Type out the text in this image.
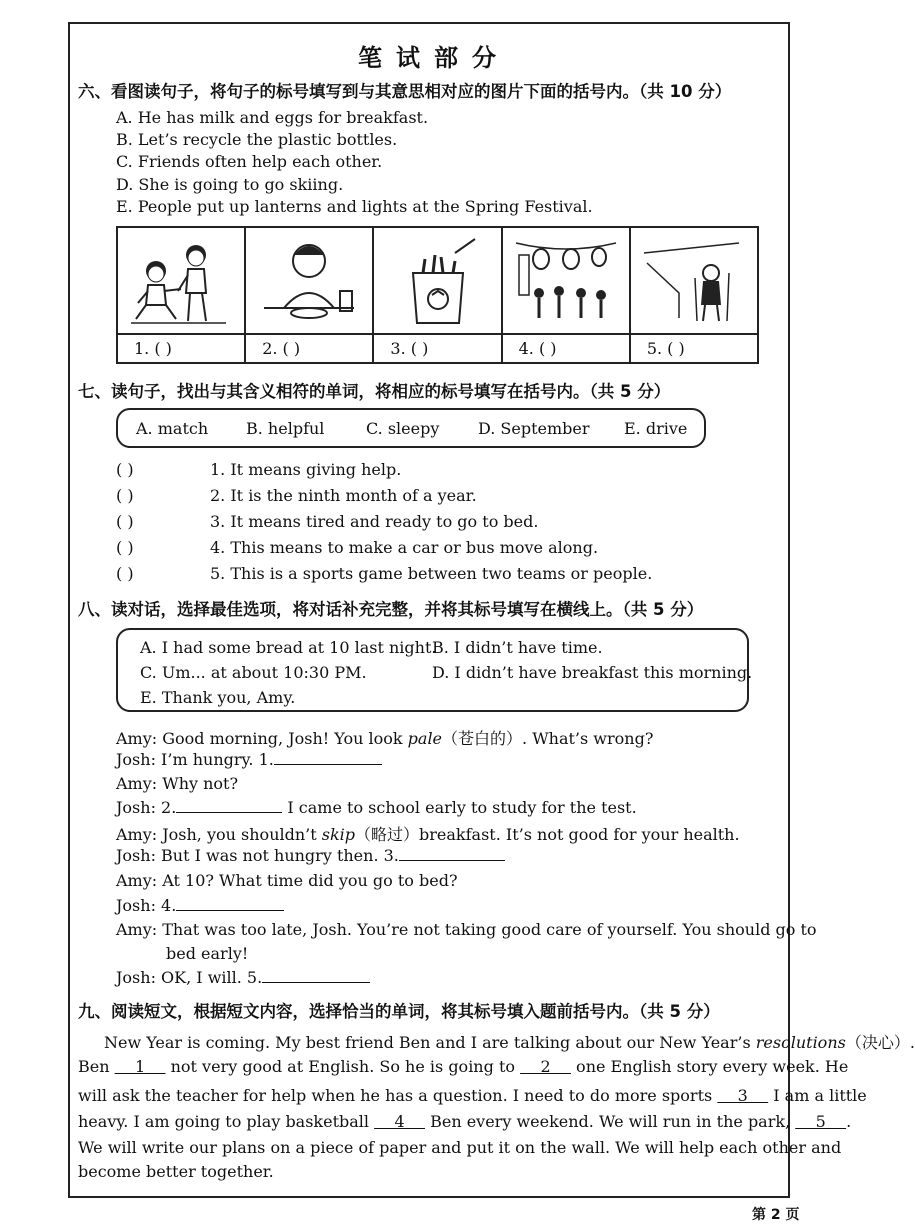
笔试部分
六、看图读句子，将句子的标号填写到与其意思相对应的图片下面的括号内。（共 10 分）
A. He has milk and eggs for breakfast.
B. Let’s recycle the plastic bottles.
C. Friends often help each other.
D. She is going to go skiing.
E. People put up lanterns and lights at the Spring Festival.
1. ( )	2. ( )	3. ( )	4. ( )	5. ( )
七、读句子，找出与其含义相符的单词，将相应的标号填写在括号内。（共 5 分）
A. match B. helpful	C. sleepy D. September E. drive
( )	1. It means giving help.
( )	2. It is the ninth month of a year.
( )	3. It means tired and ready to go to bed.
( )	4. This means to make a car or bus move along.
( )	5. This is a sports game between two teams or people.
八、读对话，选择最佳选项，将对话补充完整，并将其标号填写在横线上。（共 5 分）
A. I had some bread at 10 last night.
B. I didn’t have time.
C. Um... at about 10:30 PM.	D. I didn’t have breakfast this morning.
E. Thank you, Amy.
Amy: Good morning, Josh! You look pale（苍白的）. What’s wrong?
Josh: I’m hungry. 1.
Amy: Why not?
Josh: 2.	I came to school early to study for the test.
Amy: Josh, you shouldn’t skip（略过）breakfast. It’s not good for your health.
Josh: But I was not hungry then. 3.
Amy: At 10? What time did you go to bed?
Josh: 4.
Amy: That was too late, Josh. You’re not taking good care of yourself. You should go to
bed early!
Josh: OK, I will. 5.
九、阅读短文，根据短文内容，选择恰当的单词，将其标号填入题前括号内。（共 5 分）
New Year is coming. My best friend Ben and I are talking about our New Year’s resolutions（决心）.
Ben     1     not very good at English. So he is going to     2     one English story every week. He
will ask the teacher for help when he has a question. I need to do more sports     3     I am a little
heavy. I am going to play basketball     4     Ben every weekend. We will run in the park,     5    .
We will write our plans on a piece of paper and put it on the wall. We will help each other and
become better together.
第 2 页
